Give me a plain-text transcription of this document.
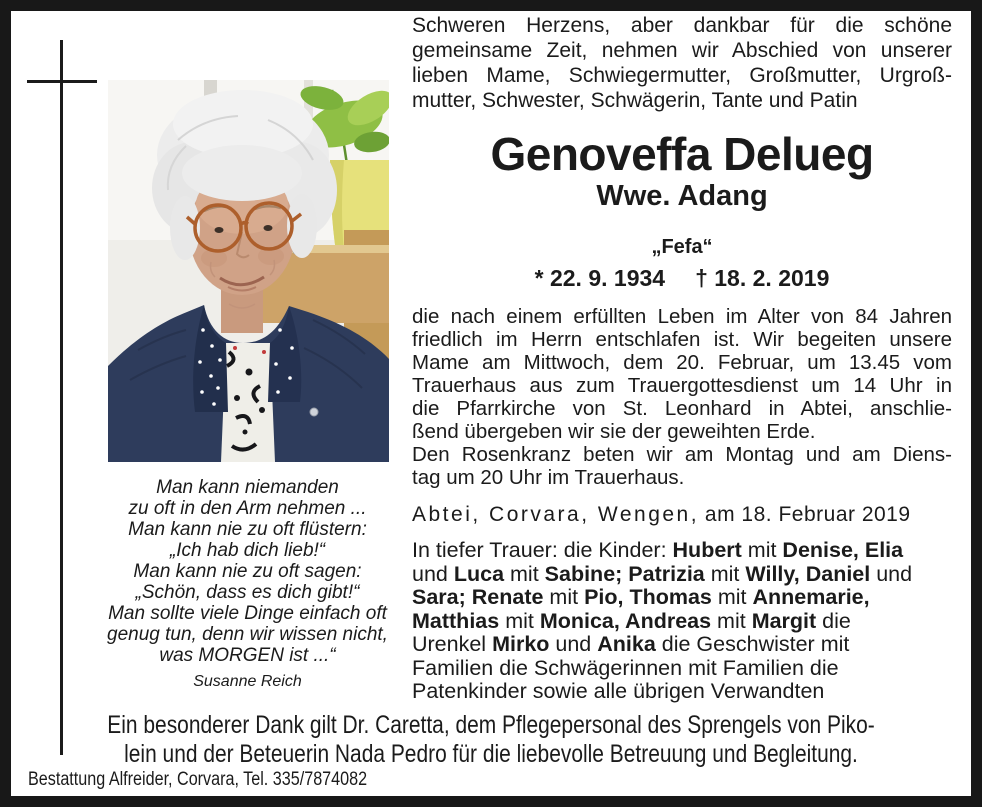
Man kann niemanden
zu oft in den Arm nehmen ...
Man kann nie zu oft flüstern:
„Ich hab dich lieb!“
Man kann nie zu oft sagen:
„Schön, dass es dich gibt!“
Man sollte viele Dinge einfach oft
genug tun, denn wir wissen nicht,
was MORGEN ist ...“
Susanne Reich
Schweren Herzens, aber dankbar für die schöne
gemeinsame Zeit, nehmen wir Abschied von unserer
lieben Mame, Schwiegermutter, Großmutter, Urgroß-
mutter, Schwester, Schwägerin, Tante und Patin
Genoveffa Delueg
Wwe. Adang
„Fefa“
* 22. 9. 1934 † 18. 2. 2019
die nach einem erfüllten Leben im Alter von 84 Jahren
friedlich im Herrn entschlafen ist. Wir begeiten unsere
Mame am Mittwoch, dem 20. Februar, um 13.45 vom
Trauerhaus aus zum Trauergottesdienst um 14 Uhr in
die Pfarrkirche von St. Leonhard in Abtei, anschlie-
ßend übergeben wir sie der geweihten Erde.
Den Rosenkranz beten wir am Montag und am Diens-
tag um 20 Uhr im Trauerhaus.
Abtei, Corvara, Wengen, am 18. Februar 2019
In tiefer Trauer: die Kinder: Hubert mit Denise, Elia
und Luca mit Sabine; Patrizia mit Willy, Daniel und
Sara; Renate mit Pio, Thomas mit Annemarie,
Matthias mit Monica, Andreas mit Margit die
Urenkel Mirko und Anika die Geschwister mit
Familien die Schwägerinnen mit Familien die
Patenkinder sowie alle übrigen Verwandten
Ein besonderer Dank gilt Dr. Caretta, dem Pflegepersonal des Sprengels von Piko-
lein und der Beteuerin Nada Pedro für die liebevolle Betreuung und Begleitung.
Bestattung Alfreider, Corvara, Tel. 335/7874082
